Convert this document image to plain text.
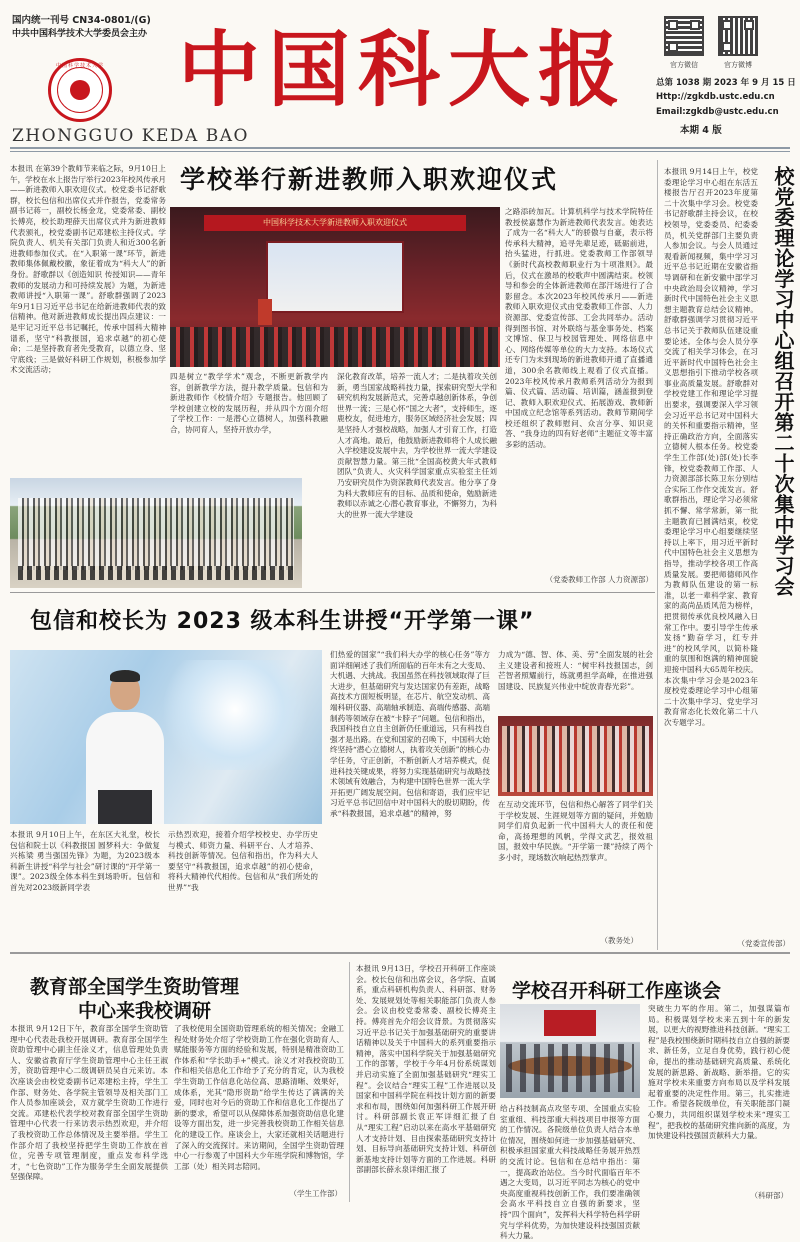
国内统一刊号 CN34-0801/(G)
中共中国科学技术大学委员会主办
中国科学技术大学 中国科大报
ZHONGGUO KEDA BAO
官方微信	官方微博
总第 1038 期 2023 年 9 月 15 日
Http://zgkdb.ustc.edu.cn
Email:zgkdb@ustc.edu.cn
本期 4 版
学校举行新进教师入职欢迎仪式
本报讯 在第39个教师节来临之际，9月10日上午，学校在水上报告厅举行2023年校风传承月——新进教师入职欢迎仪式。校党委书记舒歌群，校长包信和出席仪式并作报告，党委常务副书记蒋一，副校长杨金龙，党委常委、副校长傅亮，校长助理薛天出席仪式并为新进教师代表颁礼，校党委副书记邓建松主持仪式。学院负责人、机关有关部门负责人和近300名新进教师参加仪式。在“入职第一课”环节，新进教师集体佩戴校徽，象征着成为“科大人”的新身份。舒歌群以《创造知识 传授知识——青年教师的发展动力和可持续发展》为题，为新进教师讲授“入职第一课”。舒歌群强调了2023年9月1日习近平总书记在给新进教师代表的致信精神。他对新进教师成长提出四点建议：一是牢记习近平总书记嘱托，传承中国科大精神谱系，坚守“科教报国，追求卓越”的初心使命；二是坚持教育者先受教育，以德立身、坚守底线；三是做好科研工作规划，积极参加学术交流活动；
中国科学技术大学新进教师入职欢迎仪式
四是树立“教学学术”观念，不断更新教学内容，创新教学方法，提升教学质量。包信和为新进教师作《校情介绍》专题报告。他回顾了学校创建立校的发展历程，并从四个方面介绍了学校工作：一是潜心立德树人，加强科教融合，协同育人，坚持开放办学，
深化教育改革，培养一流人才；二是执着攻关创新，勇当国家战略科技力量，探索研究型大学和研究机构发展新范式，完善卓越创新体系，争创世界一流；三是心怀“国之大者”，支持师生，逐鹿校友，促进地方，服务区域经济社会发展；四是坚持人才强校战略，加强人才引育工作，打造人才高地。最后，他鼓励新进教师将个人成长融入学校建设发展中去，为学校世界一流大学建设贡献智慧力量。第三批“全国高校黄大年式教师团队”负责人、火灾科学国家重点实验室主任刘乃安研究员作为资深教师代表发言。他分享了身为科大教师应有的目标、品质和使命，勉励新进教师以赤诚之心潜心教育事业，不懈努力，为科大的世界一流大学建设
之路添砖加瓦。计算机科学与技术学院特任教授侯嘉慧作为新进教师代表发言。她表达了成为一名“科大人”的骄傲与自豪，表示将传承科大精神，追寻先辈足迹，砥砺前进，抬头猛进，行抓进。党委教师工作部领导《新时代高校教师职业行为十项准则》。最后，仪式在激昂的校歌声中圆满结束。校领导和参会的全体新进教师在部汗场进行了合影留念。本次2023年校风传承月——新进教师入职欢迎仪式由党委教师工作部、人力资源部、党委宣传部、工会共同举办。活动得到图书馆、对外联络与基金事务处、档案文博馆、保卫与校园管理处、网络信息中心、网络传媒等单位的大力支持。本场仪式还专门为未到现场的新进教师开通了直播通道，300余名教师线上观看了仪式直播。2023年校风传承月教师系列活动分为报到篇、仪式篇、活动篇、培训篇，涵盖报到登记、教师入职欢迎仪式、拓展游戏、教师新中国成立纪念馆等系列活动。教师节期间学校还组织了教师慰问、众言分享、知识竞答、“我身边的四有好老师”主题征文等丰富多彩的活动。
（党委教师工作部 人力资源部）
包信和校长为 2023 级本科生讲授“开学第一课”
本报讯 9月10日上午，在东区大礼堂，校长包信和院士以《科教报国 圆梦科大：争做复兴栋梁 勇当强国先锋》为题，为2023级本科新生讲授“科学与社会”研讨课的“开学第一课”。2023级全体本科生到场聆听。包信和首先对2023级新同学表
示热烈欢迎，接着介绍学校校史、办学历史与模式、师资力量、科研平台、人才培养、科技创新等情况。包信和指出，作为科大人要坚守“科教报国，追求卓越”的初心使命，将科大精神代代相传。包信和从“我们所处的世界”“我
们热爱的国家”“我们科大办学的核心任务”等方面详细阐述了我们所面临的百年未有之大变局、大机遇、大挑战。我国虽然在科技领域取得了巨大进步，但基础研究与发达国家仍有差距，战略高技术方面短板明显，在芯片、航空发动机、高端科研仪器、高端轴承制造、高端传感器、高端制药等领域存在被“卡脖子”问题。包信和指出，我国科技自立自主创新仍任重道远，只有科技自强才是出路。在党和国家的召唤下，中国科大始终坚持“潜心立德树人，执着攻关创新”的核心办学任务，守正创新，不断创新人才培养模式，促进科技关键成果，将努力实现基础研究与战略技术领域有效融合，为构建中国特色世界一流大学开拓更广阔发展空间。包信和寄语，我们应牢记习近平总书记回信中对中国科大的殷切期盼，传承“科教报国，追求卓越”的精神，努
力成为“德、智、体、美、劳”全面发展的社会主义建设者和接班人：“树牢科技报国志，剑芒智者照耀前行，练就勇担学高峰，在推进强国建设、民族复兴伟业中绽放青春光彩”。
在互动交流环节，包信和热心解答了同学们关于学校发展、生涯规划等方面的疑问，并勉励同学们肩负起新一代中国科大人的责任和使命，高扬理想的风帆，学得文武艺，报效祖国，报效中华民族。“开学第一课”持续了两个多小时，现场数次响起热烈掌声。
（教务处）
本报讯 9月14日上午，校党委理论学习中心组在东活五楼报告厅召开2023年度第二十次集中学习会。校党委书记舒歌群主持会议，在校校领导，党委委员、纪委委员，机关党群部门主要负责人参加会议。与会人员通过观看新闻视频，集中学习习近平总书记近期在安徽省指导调研和在新安徽中部学习中央政治局会议精神，学习新时代中国特色社会主义思想主题教育总结会议精神。舒歌群强调学习贯彻习近平总书记关于教师队伍建设重要论述。全体与会人员分享交流了相关学习体会，在习近平新时代中国特色社会主义思想指引下推动学校各项事业高质量发展。舒歌群对学校党建工作和理论学习提出要求，强调要深入学习领会习近平总书记对中国科大的关怀和重要指示精神，坚持正确政治方向，全面落实立德树人根本任务。校党委学生工作部(处)部(处)长李锋，校党委教师工作部、人力资源部部长陈卫东分别结合实际工作作交流发言。舒歌群指出，理论学习必须常抓不懈、常学常新，第一批主题教育已圆满结束，校党委理论学习中心组要继续坚持以上率下，用习近平新时代中国特色社会主义思想为指导，推动学校各项工作高质量发展。要把师德师风作为教师队伍建设的第一标准，以老一辈科学家、教育家的高尚品质风范为榜样，把贯彻传承优良校风融入日常工作中。要引导学生传承发扬“勤奋学习，红专并进”的校风学风，以简朴隆重的氛围和饱满的精神面貌迎接中国科大65周年校庆。本次集中学习会是2023年度校党委理论学习中心组第二十次集中学习、党史学习教育常态化长效化第二十八次专题学习。
校党委理论学习中心组召开第二十次集中学习会
（党委宣传部）
教育部全国学生资助管理
中心来我校调研
本报讯 9月12日下午，教育部全国学生资助管理中心代表赴我校开展调研。教育部全国学生资助管理中心副主任涂义才，信息管理处负责人、安徽省教育厅学生资助管理中心主任王淑芳，资助管理中心二级调研员吴自元来访。本次座谈会由校党委副书记邓建松主持，学生工作部、财务处、各学院主管领导及相关部门工作人员参加座谈会，双方就学生资助工作进行交流。邓建松代表学校对教育部全国学生资助管理中心代表一行来访表示热烈欢迎，并介绍了我校资助工作总体情况及主要举措。学生工作部介绍了我校坚持把学生资助工作放在首位，完善专项管理制度，重点发布科学选才，“七色资助”工作为服务学生全面发展提供坚强保障。
了我校使用全国资助管理系统的相关情况；金融工程处财务处介绍了学校资助工作在强化资助育人、赋能服务等方面的经验和发展，特别是精准资助工作体系和“学长助手+”模式。涂义才对我校资助工作和相关信息化工作给予了充分的肯定，认为我校学生资助工作信息化站位高、思路清晰、效果好，成体系，光其“隐形资助”给学生传达了满满的关爱，同时也对今后的资助工作和信息化工作提出了新的要求，希望可以从保障体系加强资助信息化建设等方面出发，进一步完善我校资助工作相关信息化的建设工作。座谈会上，大家还就相关话题进行了深入的交流探讨。来访期间，全国学生资助管理中心一行参观了中国科大少年班学院和博物馆，学工部（处）相关同志陪同。
（学生工作部）
学校召开科研工作座谈会
本报讯 9月13日，学校召开科研工作座谈会。校长包信和出席会议，各学院、直属系，重点科研机构负责人、科研部、财务处、发展规划处等相关职能部门负责人参会。会议由校党委常委、副校长傅亮主持。傅亮首先介绍会议背景。为贯彻落实习近平总书记关于加强基础研究的重要讲话精神以及关于中国科大的系列重要指示精神，落实中国科学院关于加强基础研究工作的部署，学校于今年4月份系统谋划并启动实施了全面加强基础研究“理实工程”。会议结合“理实工程”工作进展以及国家和中国科学院在科技计划方面的新要求和布局，围绕如何加强科研工作展开研讨。科研部副长袁正军详细汇报了自从“理实工程”启动以来在高水平基础研究人才支持计划、目由探索基础研究支持计划、目标导向基础研究支持计划、科研创新基地支持计划等方面的工作进展。科研部副部长薛永泉详细汇报了
给占科技制高点攻坚专项、全国重点实验室重组、科技部重大科技项目申报等方面的工作情况。各院级单位负责人结合本单位情况，围绕如何进一步加强基础研究、积极承担国家重大科技战略任务展开热烈的交流讨论。包信和在总结中指出：第一，提高政治站位。当今时代面临百年不遇之大变局，以习近平同志为核心的党中央高度重视科技创新工作，我们要准确领会高水平科技自立自强的新要求，坚持“四个面向”，发挥科大科学特色科学研究与学科优势，为加快建设科技强国贡献科大力量。
突破生力军的作用。第二，加强谋篇布局。积极谋划学校未来五到十年的新发展，以更大的视野推进科技创新。“理实工程”是我校围绕新时期科技自立自强的新要求、新任务，立足自身优势，践行初心使命，提出的推动基础研究高质量、系统化发展的新思路、新战略、新举措。它的实施对学校未来重要方向布局以及学科发展起着重要的决定性作用。第三，扎实推进工作。希望各院级单位，有关职能部门凝心聚力，共同组织谋划学校未来“理实工程”，把我校的基础研究推向新的高度，为加快建设科技强国贡献科大力量。
（科研部）
